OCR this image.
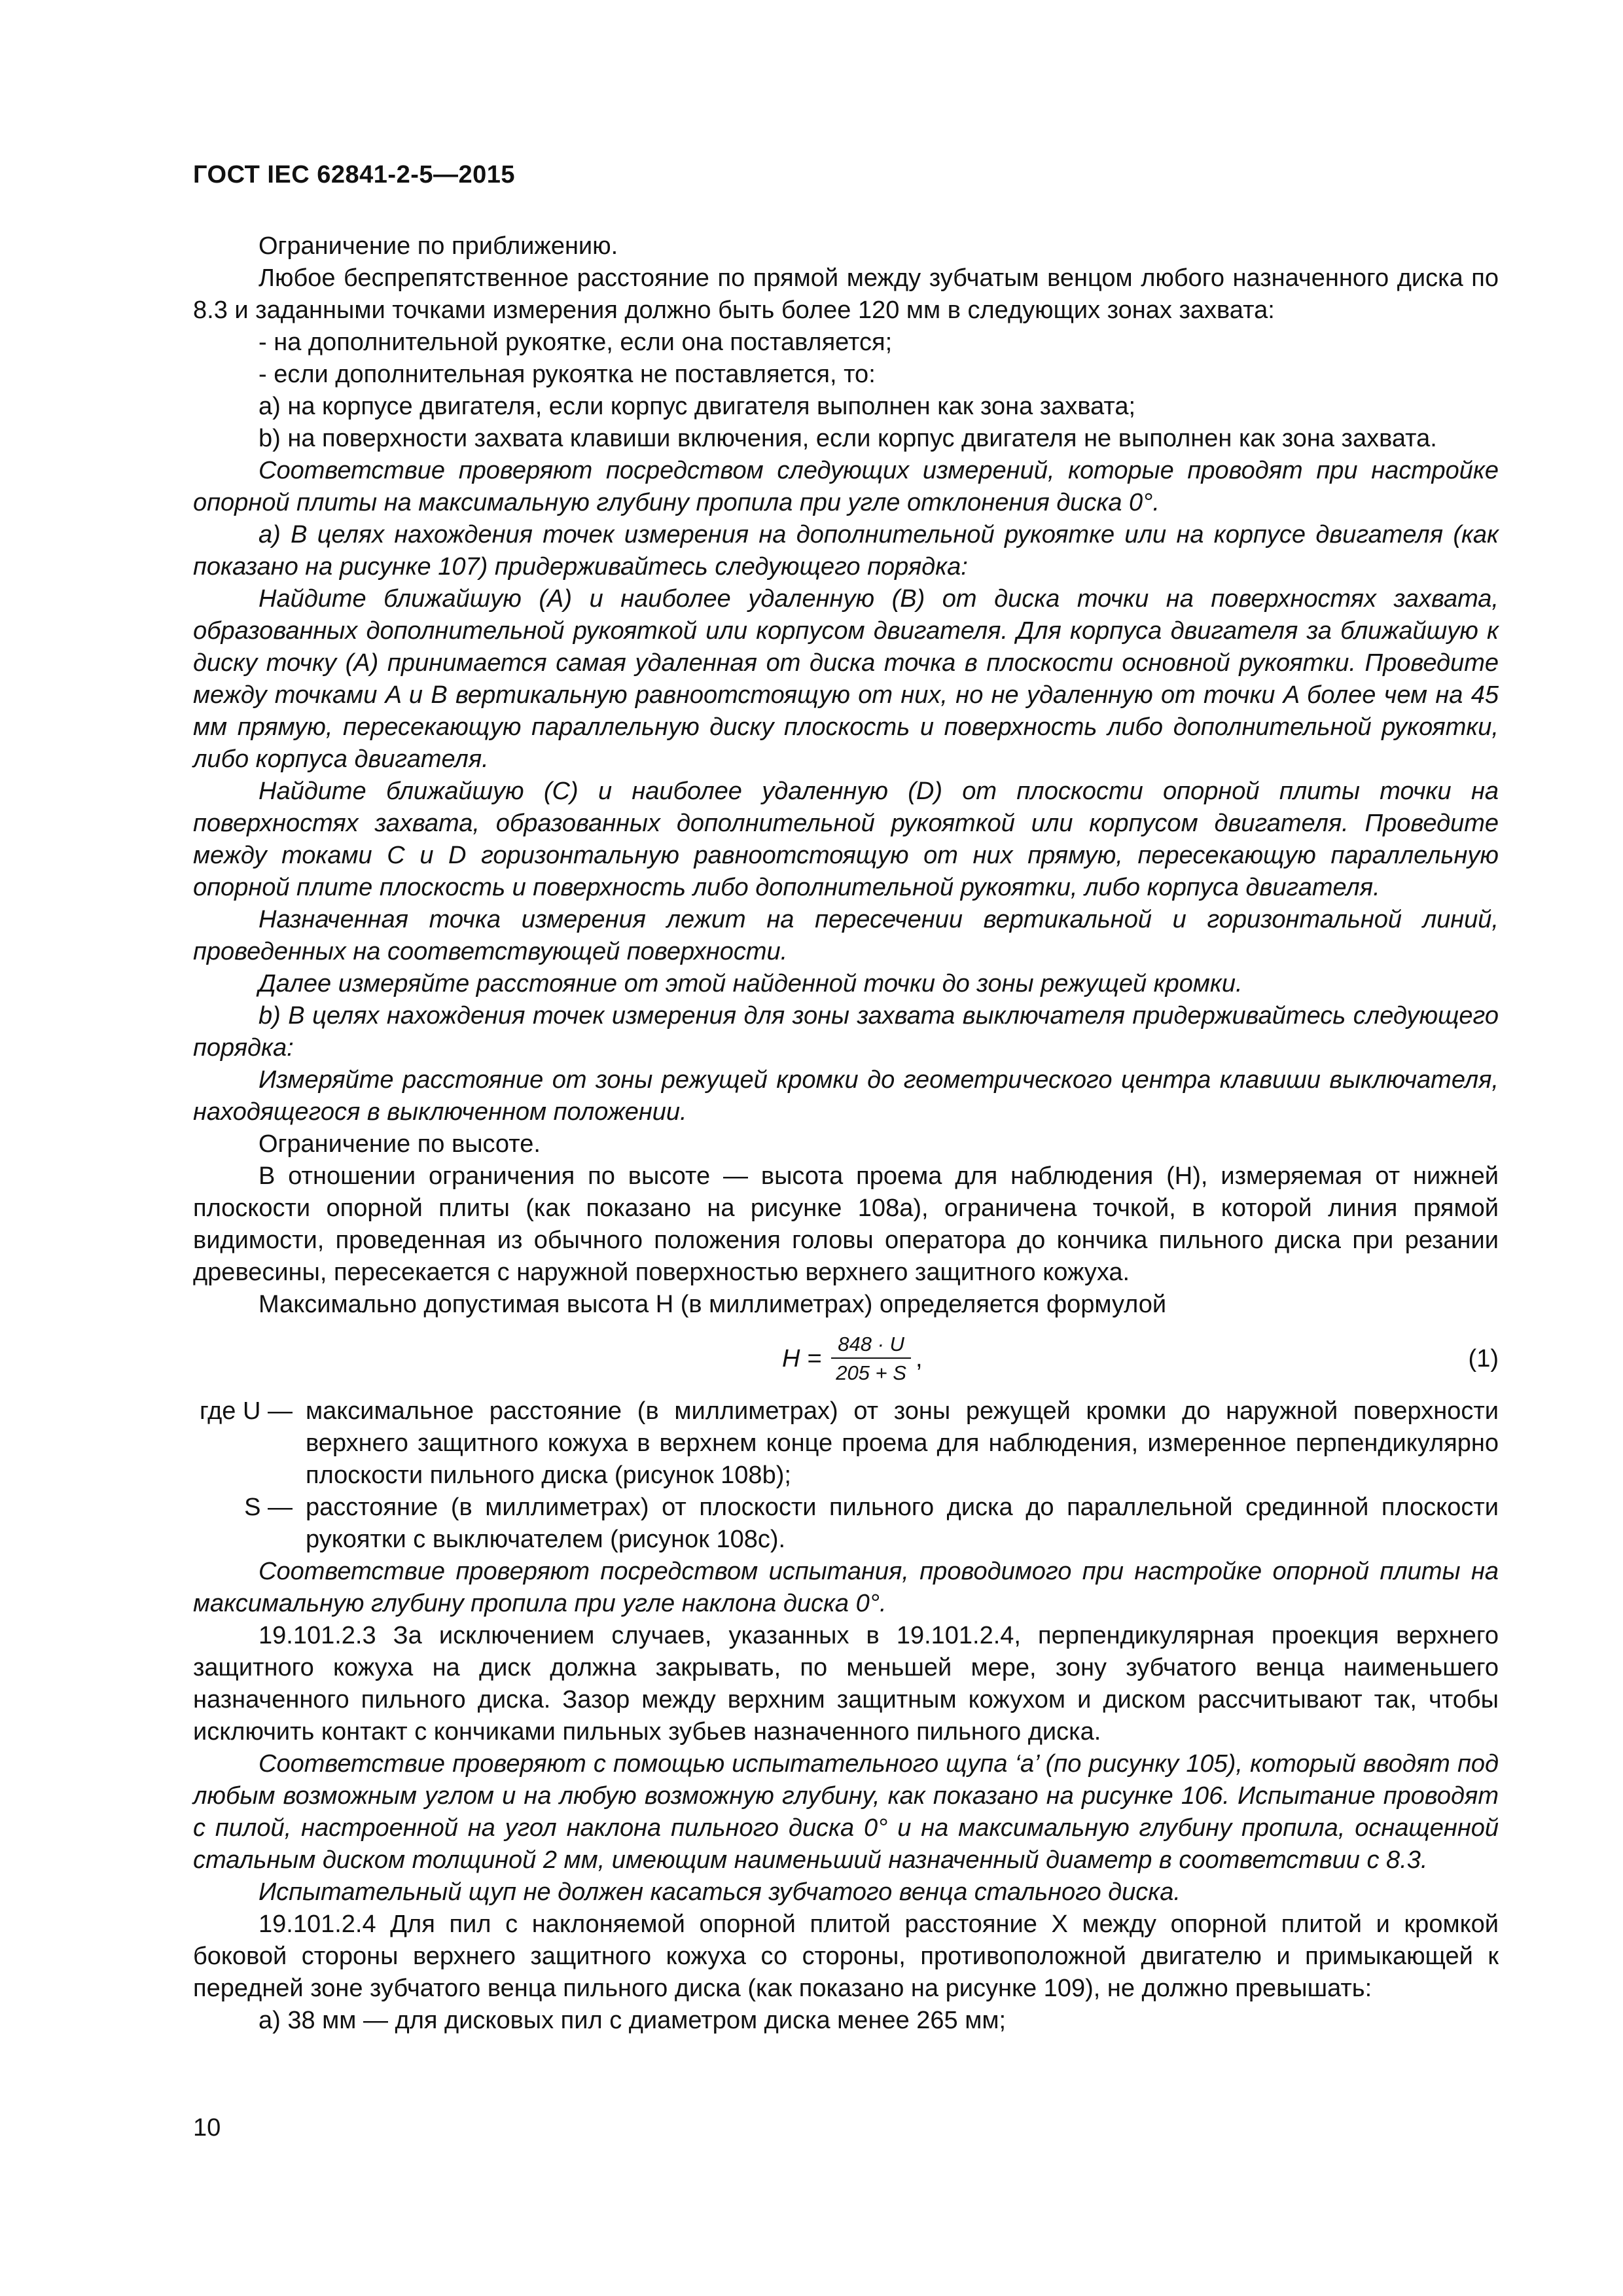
ГОСТ IEC 62841-2-5—2015

Ограничение по приближению.

Любое беспрепятственное расстояние по прямой между зубчатым венцом любого назначенного диска по 8.3 и заданными точками измерения должно быть более 120 мм в следующих зонах захвата:

- на дополнительной рукоятке, если она поставляется;

- если дополнительная рукоятка не поставляется, то:

a) на корпусе двигателя, если корпус двигателя выполнен как зона захвата;

b) на поверхности захвата клавиши включения, если корпус двигателя не выполнен как зона захвата.

Соответствие проверяют посредством следующих измерений, которые проводят при настройке опорной плиты на максимальную глубину пропила при угле отклонения диска 0°.

a) В целях нахождения точек измерения на дополнительной рукоятке или на корпусе двигателя (как показано на рисунке 107) придерживайтесь следующего порядка:

Найдите ближайшую (A) и наиболее удаленную (B) от диска точки на поверхностях захвата, образованных дополнительной рукояткой или корпусом двигателя. Для корпуса двигателя за ближайшую к диску точку (A) принимается самая удаленная от диска точка в плоскости основной рукоятки. Проведите между точками A и B вертикальную равноотстоящую от них, но не удаленную от точки A более чем на 45 мм прямую, пересекающую параллельную диску плоскость и поверхность либо дополнительной рукоятки, либо корпуса двигателя.

Найдите ближайшую (C) и наиболее удаленную (D) от плоскости опорной плиты точки на поверхностях захвата, образованных дополнительной рукояткой или корпусом двигателя. Проведите между токами C и D горизонтальную равноотстоящую от них прямую, пересекающую параллельную опорной плите плоскость и поверхность либо дополнительной рукоятки, либо корпуса двигателя.

Назначенная точка измерения лежит на пересечении вертикальной и горизонтальной линий, проведенных на соответствующей поверхности.

Далее измеряйте расстояние от этой найденной точки до зоны режущей кромки.

b) В целях нахождения точек измерения для зоны захвата выключателя придерживайтесь следующего порядка:

Измеряйте расстояние от зоны режущей кромки до геометрического центра клавиши выключателя, находящегося в выключенном положении.

Ограничение по высоте.

В отношении ограничения по высоте — высота проема для наблюдения (H), измеряемая от нижней плоскости опорной плиты (как показано на рисунке 108а), ограничена точкой, в которой линия прямой видимости, проведенная из обычного положения головы оператора до кончика пильного диска при резании древесины, пересекается с наружной поверхностью верхнего защитного кожуха.

Максимально допустимая высота H (в миллиметрах) определяется формулой

$H = \frac{848 \cdot U}{205 + S}$ ,	(1)
где U — максимальное расстояние (в миллиметрах) от зоны режущей кромки до наружной поверхности верхнего защитного кожуха в верхнем конце проема для наблюдения, измеренное перпендикулярно плоскости пильного диска (рисунок 108b);
S — расстояние (в миллиметрах) от плоскости пильного диска до параллельной срединной плоскости рукоятки с выключателем (рисунок 108с).

Соответствие проверяют посредством испытания, проводимого при настройке опорной плиты на максимальную глубину пропила при угле наклона диска 0°.

19.101.2.3 За исключением случаев, указанных в 19.101.2.4, перпендикулярная проекция верхнего защитного кожуха на диск должна закрывать, по меньшей мере, зону зубчатого венца наименьшего назначенного пильного диска. Зазор между верхним защитным кожухом и диском рассчитывают так, чтобы исключить контакт с кончиками пильных зубьев назначенного пильного диска.

Соответствие проверяют с помощью испытательного щупа ‘a’ (по рисунку 105), который вводят под любым возможным углом и на любую возможную глубину, как показано на рисунке 106. Испытание проводят с пилой, настроенной на угол наклона пильного диска 0° и на максимальную глубину пропила, оснащенной стальным диском толщиной 2 мм, имеющим наименьший назначенный диаметр в соответствии с 8.3.

Испытательный щуп не должен касаться зубчатого венца стального диска.

19.101.2.4 Для пил с наклоняемой опорной плитой расстояние X между опорной плитой и кромкой боковой стороны верхнего защитного кожуха со стороны, противоположной двигателю и примыкающей к передней зоне зубчатого венца пильного диска (как показано на рисунке 109), не должно превышать:

a) 38 мм — для дисковых пил с диаметром диска менее 265 мм;

10
